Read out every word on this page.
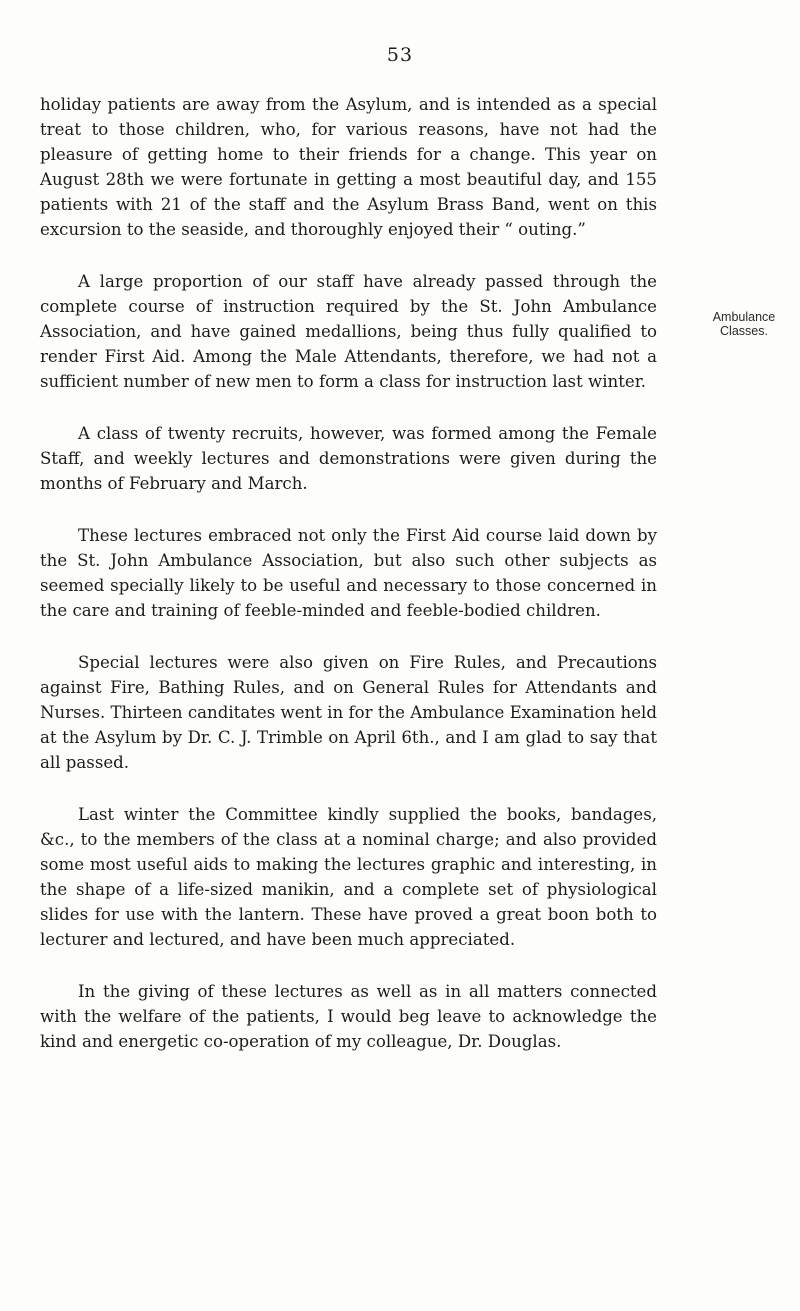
53

holiday patients are away from the Asylum, and is intended as a special treat to those children, who, for various reasons, have not had the pleasure of getting home to their friends for a change. This year on August 28th we were fortunate in getting a most beautiful day, and 155 patients with 21 of the staff and the Asylum Brass Band, went on this excursion to the seaside, and thoroughly enjoyed their “ outing.”

A large proportion of our staff have already passed through the complete course of instruction required by the St. John Ambulance Association, and have gained medallions, being thus fully qualified to render First Aid. Among the Male Attendants, therefore, we had not a sufficient number of new men to form a class for instruction last winter.

A class of twenty recruits, however, was formed among the Female Staff, and weekly lectures and demonstrations were given during the months of February and March.

These lectures embraced not only the First Aid course laid down by the St. John Ambulance Association, but also such other subjects as seemed specially likely to be useful and necessary to those concerned in the care and training of feeble-minded and feeble-bodied children.

Special lectures were also given on Fire Rules, and Precautions against Fire, Bathing Rules, and on General Rules for Attendants and Nurses. Thirteen canditates went in for the Ambulance Examination held at the Asylum by Dr. C. J. Trimble on April 6th., and I am glad to say that all passed.

Last winter the Committee kindly supplied the books, bandages, &c., to the members of the class at a nominal charge; and also provided some most useful aids to making the lectures graphic and interesting, in the shape of a life-sized manikin, and a complete set of physiological slides for use with the lantern. These have proved a great boon both to lecturer and lectured, and have been much appreciated.

In the giving of these lectures as well as in all matters connected with the welfare of the patients, I would beg leave to acknowledge the kind and energetic co-operation of my colleague, Dr. Douglas.

Ambulance
Classes.
